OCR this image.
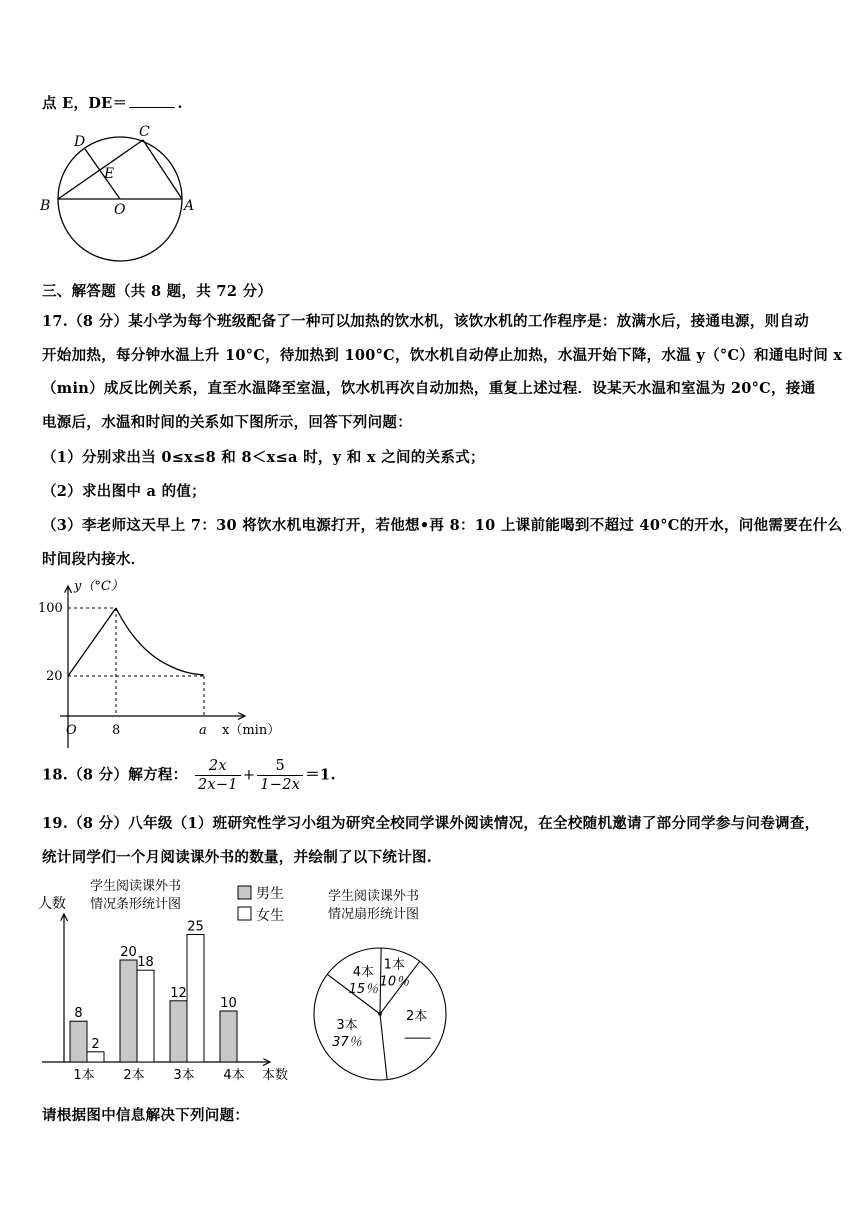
点 E，DE＝	.
D
C
E
B	O	A
三、解答题（共 8 题，共 72 分）
17.（8 分）某小学为每个班级配备了一种可以加热的饮水机，该饮水机的工作程序是：放满水后，接通电源，则自动
开始加热，每分钟水温上升 10°C，待加热到 100°C，饮水机自动停止加热，水温开始下降，水温 y（°C）和通电时间 x
（min）成反比例关系，直至水温降至室温，饮水机再次自动加热，重复上述过程．设某天水温和室温为 20°C，接通
电源后，水温和时间的关系如下图所示，回答下列问题：
（1）分别求出当 0≤x≤8 和 8＜x≤a 时，y 和 x 之间的关系式；
（2）求出图中 a 的值；
（3）李老师这天早上 7：30 将饮水机电源打开，若他想•再 8：10 上课前能喝到不超过 40°C的开水，问他需要在什么
时间段内接水．
y（°C）
100
20
O	8	a x（min）
18.（8 分）解方程： $\frac{2x}{2x-1} + \frac{5}{1-2x} =1$.
19.（8 分）八年级（1）班研究性学习小组为研究全校同学课外阅读情况，在全校随机邀请了部分同学参与问卷调查，
统计同学们一个月阅读课外书的数量，并绘制了以下统计图.
学生阅读课外书
情况条形统计图
人数
本数
男生
女生
8
2
1本
20
18
2本
12
25
3本
10
4本
学生阅读课外书
情况扇形统计图
1本
10％
2本
3本
37％
4本
15％
请根据图中信息解决下列问题：
